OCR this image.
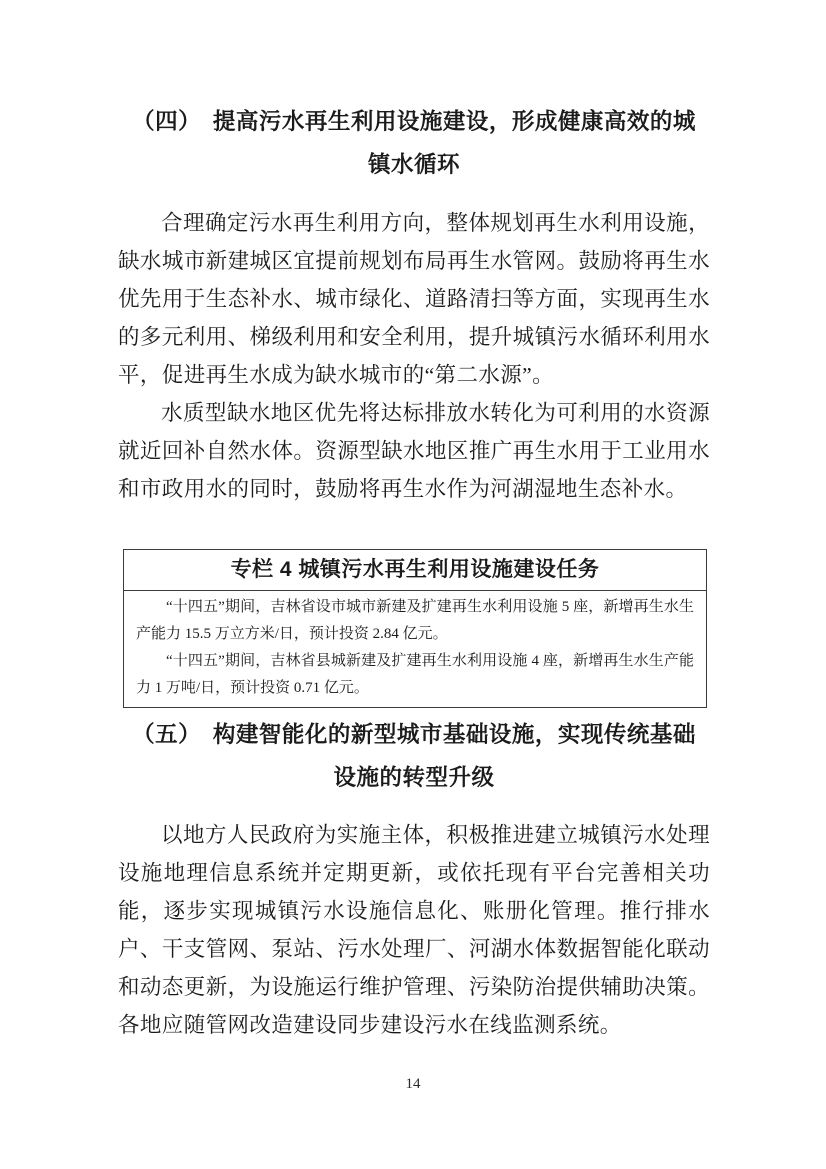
（四）　提高污水再生利用设施建设，形成健康高效的城
镇水循环

合理确定污水再生利用方向，整体规划再生水利用设施，缺水城市新建城区宜提前规划布局再生水管网。鼓励将再生水优先用于生态补水、城市绿化、道路清扫等方面，实现再生水的多元利用、梯级利用和安全利用，提升城镇污水循环利用水平，促进再生水成为缺水城市的“第二水源”。

水质型缺水地区优先将达标排放水转化为可利用的水资源就近回补自然水体。资源型缺水地区推广再生水用于工业用水和市政用水的同时，鼓励将再生水作为河湖湿地生态补水。

专栏 4 城镇污水再生利用设施建设任务

“十四五”期间，吉林省设市城市新建及扩建再生水利用设施 5 座，新增再生水生产能力 15.5 万立方米/日，预计投资 2.84 亿元。

“十四五”期间，吉林省县城新建及扩建再生水利用设施 4 座，新增再生水生产能力 1 万吨/日，预计投资 0.71 亿元。

（五）　构建智能化的新型城市基础设施，实现传统基础
设施的转型升级

以地方人民政府为实施主体，积极推进建立城镇污水处理设施地理信息系统并定期更新，或依托现有平台完善相关功能，逐步实现城镇污水设施信息化、账册化管理。推行排水户、干支管网、泵站、污水处理厂、河湖水体数据智能化联动和动态更新，为设施运行维护管理、污染防治提供辅助决策。各地应随管网改造建设同步建设污水在线监测系统。

14
